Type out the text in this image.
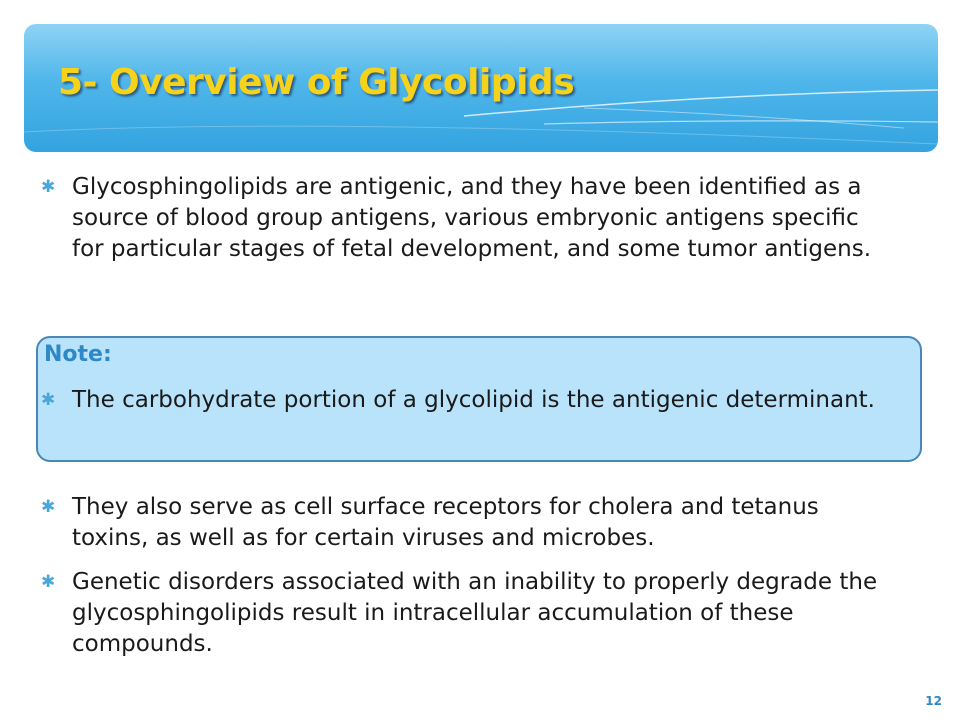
5- Overview of Glycolipids
✱ Glycosphingolipids are antigenic, and they have been identified as a source of blood group antigens, various embryonic antigens specific for particular stages of fetal development, and some tumor antigens.
Note:
✱ The carbohydrate portion of a glycolipid is the antigenic determinant.
✱ They also serve as cell surface receptors for cholera and tetanus toxins, as well as for certain viruses and microbes.
✱ Genetic disorders associated with an inability to properly degrade the glycosphingolipids result in intracellular accumulation of these compounds.
12
